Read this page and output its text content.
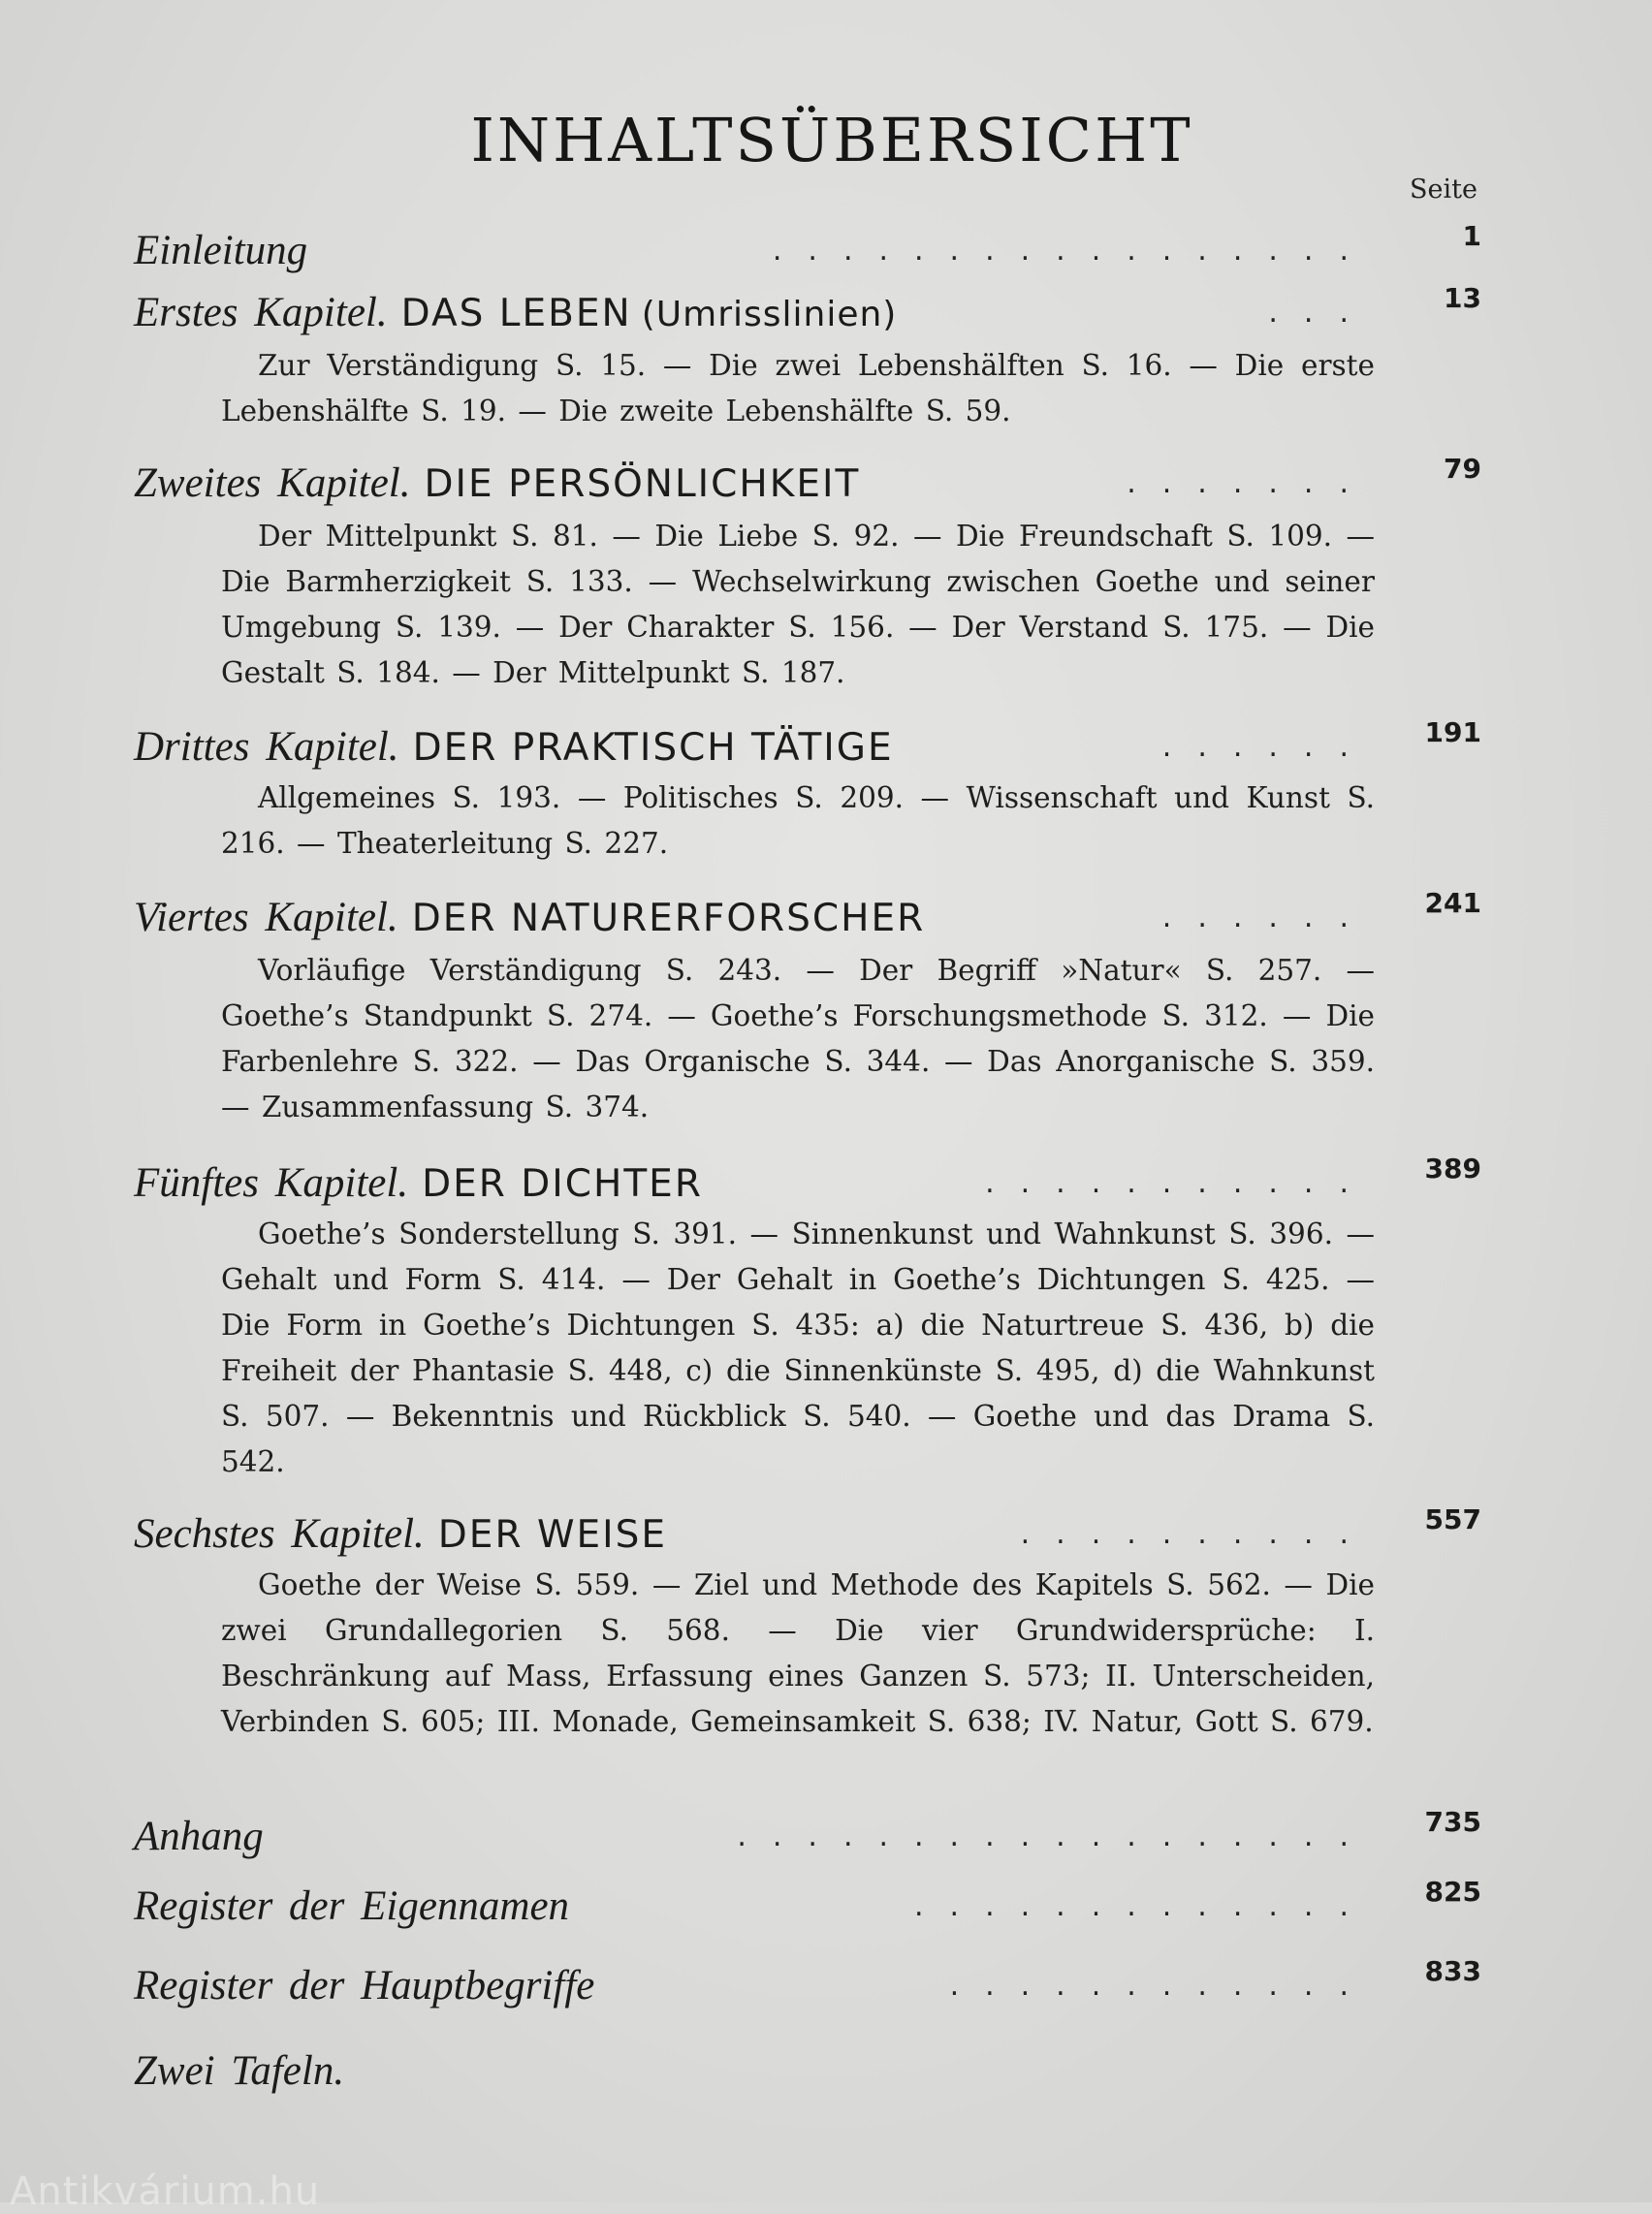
INHALTSÜBERSICHT
Seite
Einleitung	.................	1
Erstes Kapitel. DAS LEBEN (Umrisslinien)	...	13
Zur Verständigung S. 15. — Die zwei Lebenshälften S. 16. — Die erste Lebenshälfte S. 19. — Die zweite Lebenshälfte S. 59.
Zweites Kapitel. DIE PERSÖNLICHKEIT	.......	79
Der Mittelpunkt S. 81. — Die Liebe S. 92. — Die Freundschaft S. 109. — Die Barmherzigkeit S. 133. — Wechselwirkung zwischen Goethe und seiner Umgebung S. 139. — Der Charakter S. 156. — Der Verstand S. 175. — Die Gestalt S. 184. — Der Mittelpunkt S. 187.
Drittes Kapitel. DER PRAKTISCH TÄTIGE	...... 191
Allgemeines S. 193. — Politisches S. 209. — Wissenschaft und Kunst S. 216. — Theaterleitung S. 227.
Viertes Kapitel. DER NATURERFORSCHER	...... 241
Vorläufige Verständigung S. 243. — Der Begriff »Natur« S. 257. — Goethe’s Standpunkt S. 274. — Goethe’s Forschungsmethode S. 312. — Die Farbenlehre S. 322. — Das Organische S. 344. — Das Anorganische S. 359. — Zusammenfassung S. 374.
Fünftes Kapitel. DER DICHTER	........... 389
Goethe’s Sonderstellung S. 391. — Sinnenkunst und Wahnkunst S. 396. — Gehalt und Form S. 414. — Der Gehalt in Goethe’s Dichtungen S. 425. — Die Form in Goethe’s Dichtungen S. 435: a) die Naturtreue S. 436, b) die Freiheit der Phantasie S. 448, c) die Sinnenkünste S. 495, d) die Wahnkunst S. 507. — Bekenntnis und Rückblick S. 540. — Goethe und das Drama S. 542.
Sechstes Kapitel. DER WEISE	.......... 557
Goethe der Weise S. 559. — Ziel und Methode des Kapitels S. 562. — Die zwei Grundallegorien S. 568. — Die vier Grundwidersprüche: I. Beschränkung auf Mass, Erfassung eines Ganzen S. 573; II. Unterscheiden, Verbinden S. 605; III. Monade, Gemeinsamkeit S. 638; IV. Natur, Gott S. 679.
Anhang	.................. 735
Register der Eigennamen	............. 825
Register der Hauptbegriffe	............ 833
Zwei Tafeln.
Antikvárium.hu
